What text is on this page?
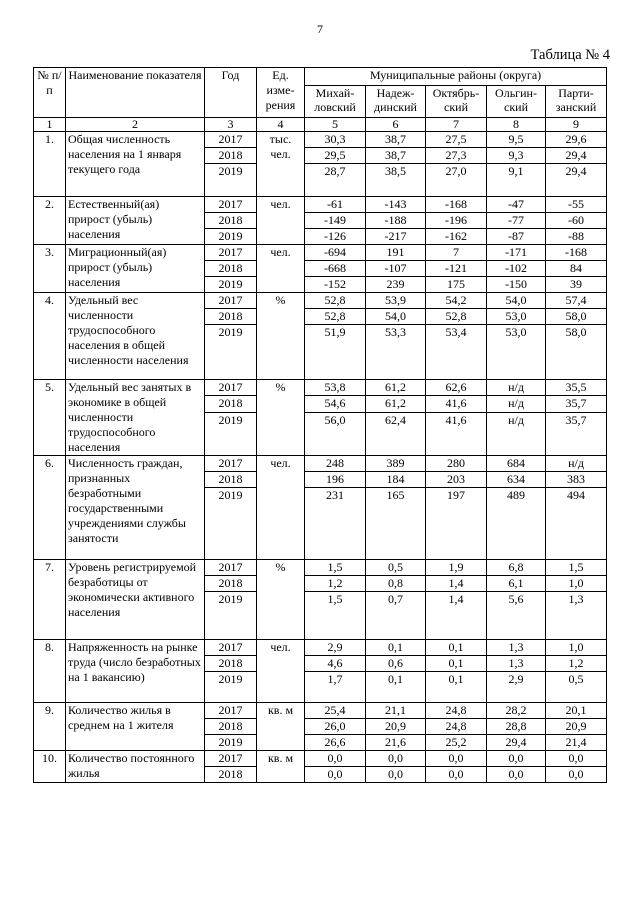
7
Таблица № 4
№ п/п	Наименование показателя	Год	Ед. изме-рения	Муниципальные районы (округа)				
				Михай-ловский	Надеж-динский	Октябрь-ский	Ольгин-ский	Парти-занский
1	2	3	4	5	6	7	8	9
1.	Общая численность населения на 1 января текущего года	2017	тыс. чел.	30,3	38,7	27,5	9,5	29,6
		2018		29,5	38,7	27,3	9,3	29,4
		2019		28,7	38,5	27,0	9,1	29,4
2.	Естественный(ая) прирост (убыль) населения	2017	чел.	-61	-143	-168	-47	-55
		2018		-149	-188	-196	-77	-60
		2019		-126	-217	-162	-87	-88
3.	Миграционный(ая) прирост (убыль) населения	2017	чел.	-694	191	7	-171	-168
		2018		-668	-107	-121	-102	84
		2019		-152	239	175	-150	39
4.	Удельный вес численности трудоспособного населения в общей численности населения	2017	%	52,8	53,9	54,2	54,0	57,4
		2018		52,8	54,0	52,8	53,0	58,0
		2019		51,9	53,3	53,4	53,0	58,0
5.	Удельный вес занятых в экономике в общей численности трудоспособного населения	2017	%	53,8	61,2	62,6	н/д	35,5
		2018		54,6	61,2	41,6	н/д	35,7
		2019		56,0	62,4	41,6	н/д	35,7
6.	Численность граждан, признанных безработными государственными учреждениями службы занятости	2017	чел.	248	389	280	684	н/д
		2018		196	184	203	634	383
		2019		231	165	197	489	494
7.	Уровень регистрируемой безработицы от экономически активного населения	2017	%	1,5	0,5	1,9	6,8	1,5
		2018		1,2	0,8	1,4	6,1	1,0
		2019		1,5	0,7	1,4	5,6	1,3
8.	Напряженность на рынке труда (число безработных на 1 вакансию)	2017	чел.	2,9	0,1	0,1	1,3	1,0
		2018		4,6	0,6	0,1	1,3	1,2
		2019		1,7	0,1	0,1	2,9	0,5
9.	Количество жилья в среднем на 1 жителя	2017	кв. м	25,4	21,1	24,8	28,2	20,1
		2018		26,0	20,9	24,8	28,8	20,9
		2019		26,6	21,6	25,2	29,4	21,4
10.	Количество постоянного жилья	2017	кв. м	0,0	0,0	0,0	0,0	0,0
		2018		0,0	0,0	0,0	0,0	0,0
